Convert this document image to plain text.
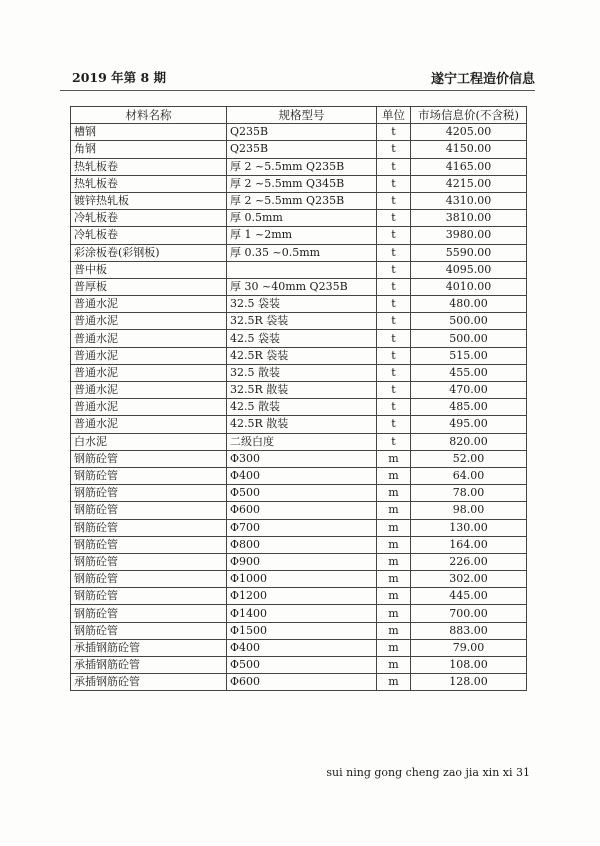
2019 年第 8 期	遂宁工程造价信息
材料名称	规格型号	单位	市场信息价(不含税)
槽钢	Q235B	t	4205.00
角钢	Q235B	t	4150.00
热轧板卷	厚 2 ~5.5mm Q235B	t	4165.00
热轧板卷	厚 2 ~5.5mm Q345B	t	4215.00
镀锌热轧板	厚 2 ~5.5mm Q235B	t	4310.00
冷轧板卷	厚 0.5mm	t	3810.00
冷轧板卷	厚 1 ~2mm	t	3980.00
彩涂板卷(彩钢板)	厚 0.35 ~0.5mm	t	5590.00
普中板		t	4095.00
普厚板	厚 30 ~40mm Q235B	t	4010.00
普通水泥	32.5 袋装	t	480.00
普通水泥	32.5R 袋装	t	500.00
普通水泥	42.5 袋装	t	500.00
普通水泥	42.5R 袋装	t	515.00
普通水泥	32.5 散装	t	455.00
普通水泥	32.5R 散装	t	470.00
普通水泥	42.5 散装	t	485.00
普通水泥	42.5R 散装	t	495.00
白水泥	二级白度	t	820.00
钢筋砼管	Φ300	m	52.00
钢筋砼管	Φ400	m	64.00
钢筋砼管	Φ500	m	78.00
钢筋砼管	Φ600	m	98.00
钢筋砼管	Φ700	m	130.00
钢筋砼管	Φ800	m	164.00
钢筋砼管	Φ900	m	226.00
钢筋砼管	Φ1000	m	302.00
钢筋砼管	Φ1200	m	445.00
钢筋砼管	Φ1400	m	700.00
钢筋砼管	Φ1500	m	883.00
承插钢筋砼管	Φ400	m	79.00
承插钢筋砼管	Φ500	m	108.00
承插钢筋砼管	Φ600	m	128.00
sui ning gong cheng zao jia xin xi 31
